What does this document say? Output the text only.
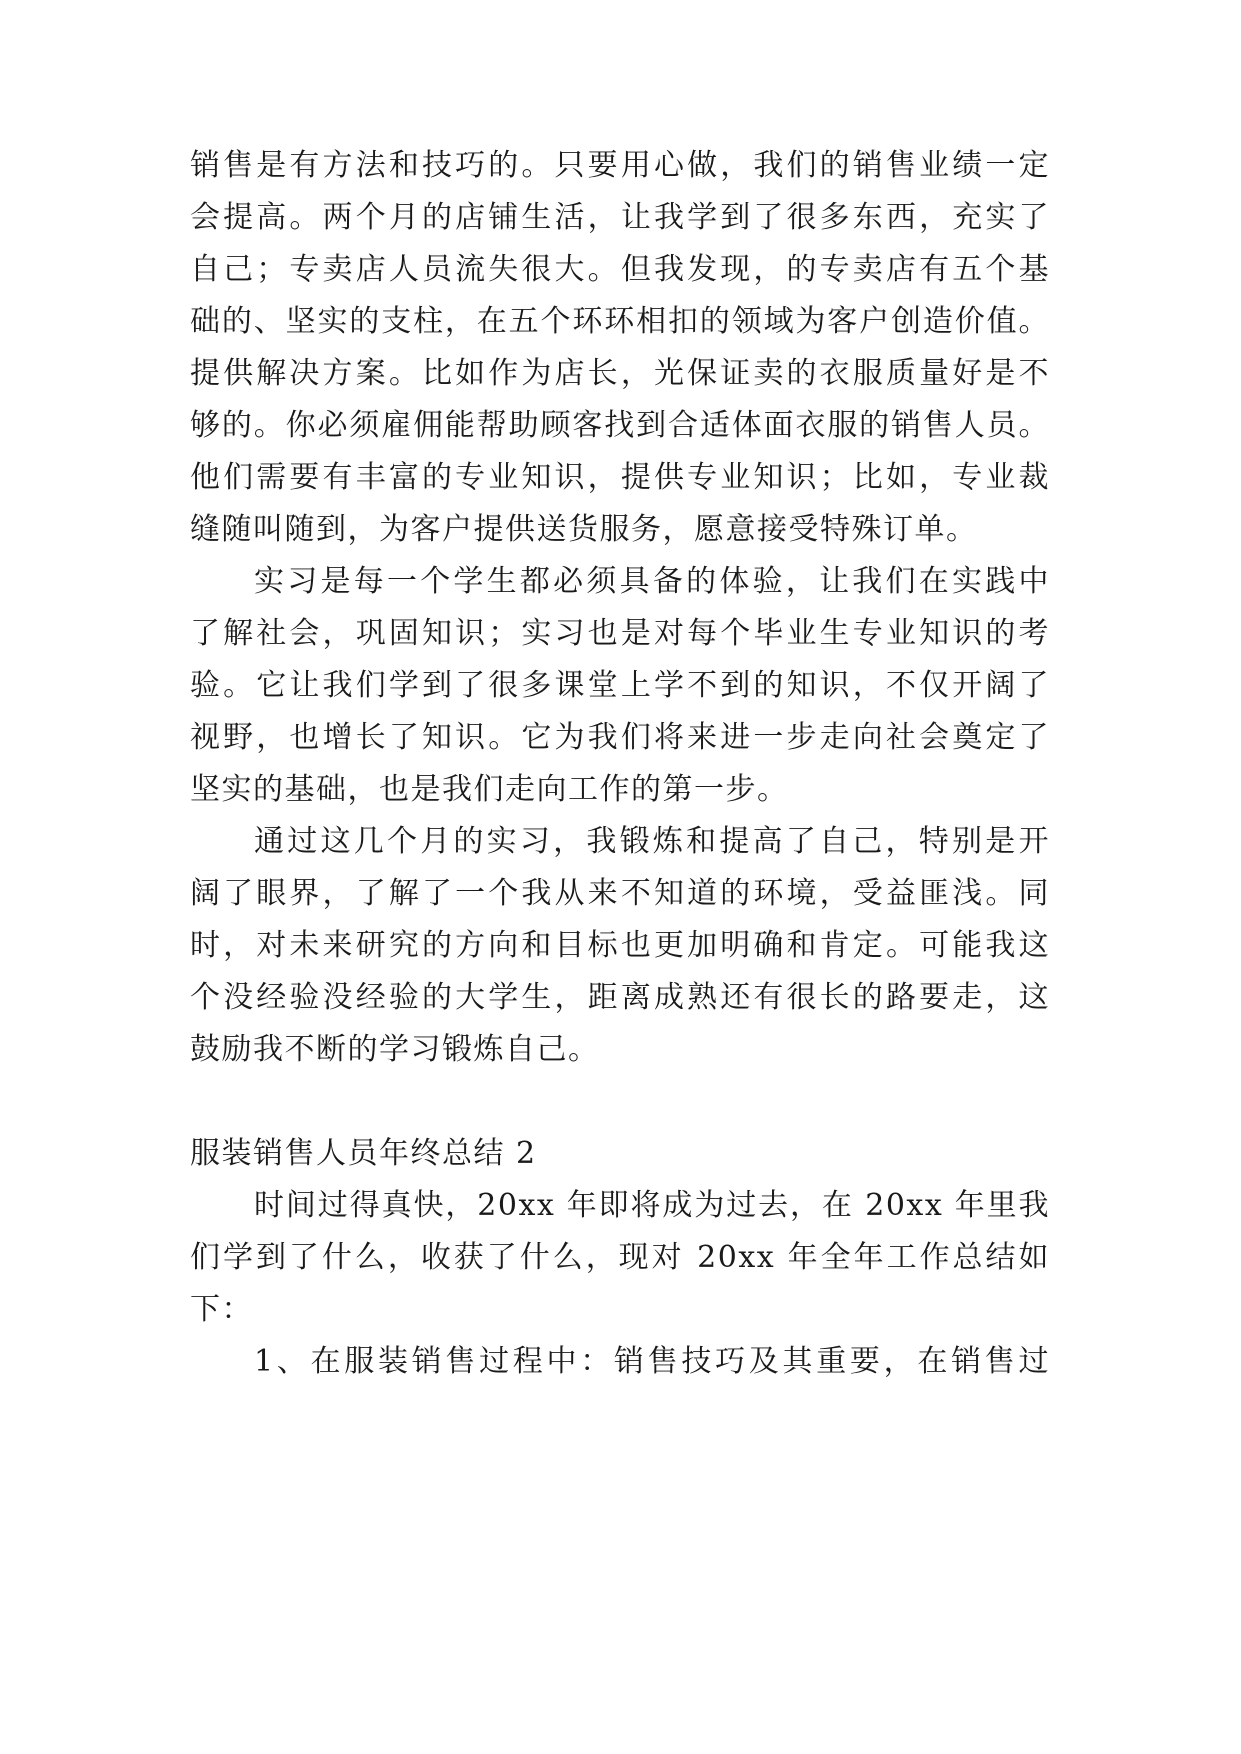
销售是有方法和技巧的。只要用心做，我们的销售业绩一定
会提高。两个月的店铺生活，让我学到了很多东西，充实了
自己；专卖店人员流失很大。但我发现，的专卖店有五个基
础的、坚实的支柱，在五个环环相扣的领域为客户创造价值。
提供解决方案。比如作为店长，光保证卖的衣服质量好是不
够的。你必须雇佣能帮助顾客找到合适体面衣服的销售人员。
他们需要有丰富的专业知识，提供专业知识；比如，专业裁
缝随叫随到，为客户提供送货服务，愿意接受特殊订单。
实习是每一个学生都必须具备的体验，让我们在实践中
了解社会，巩固知识；实习也是对每个毕业生专业知识的考
验。它让我们学到了很多课堂上学不到的知识，不仅开阔了
视野，也增长了知识。它为我们将来进一步走向社会奠定了
坚实的基础，也是我们走向工作的第一步。
通过这几个月的实习，我锻炼和提高了自己，特别是开
阔了眼界，了解了一个我从来不知道的环境，受益匪浅。同
时，对未来研究的方向和目标也更加明确和肯定。可能我这
个没经验没经验的大学生，距离成熟还有很长的路要走，这
鼓励我不断的学习锻炼自己。
服装销售人员年终总结 2
时间过得真快，20xx 年即将成为过去，在 20xx 年里我
们学到了什么，收获了什么，现对 20xx 年全年工作总结如
下：
1、在服装销售过程中：销售技巧及其重要，在销售过
